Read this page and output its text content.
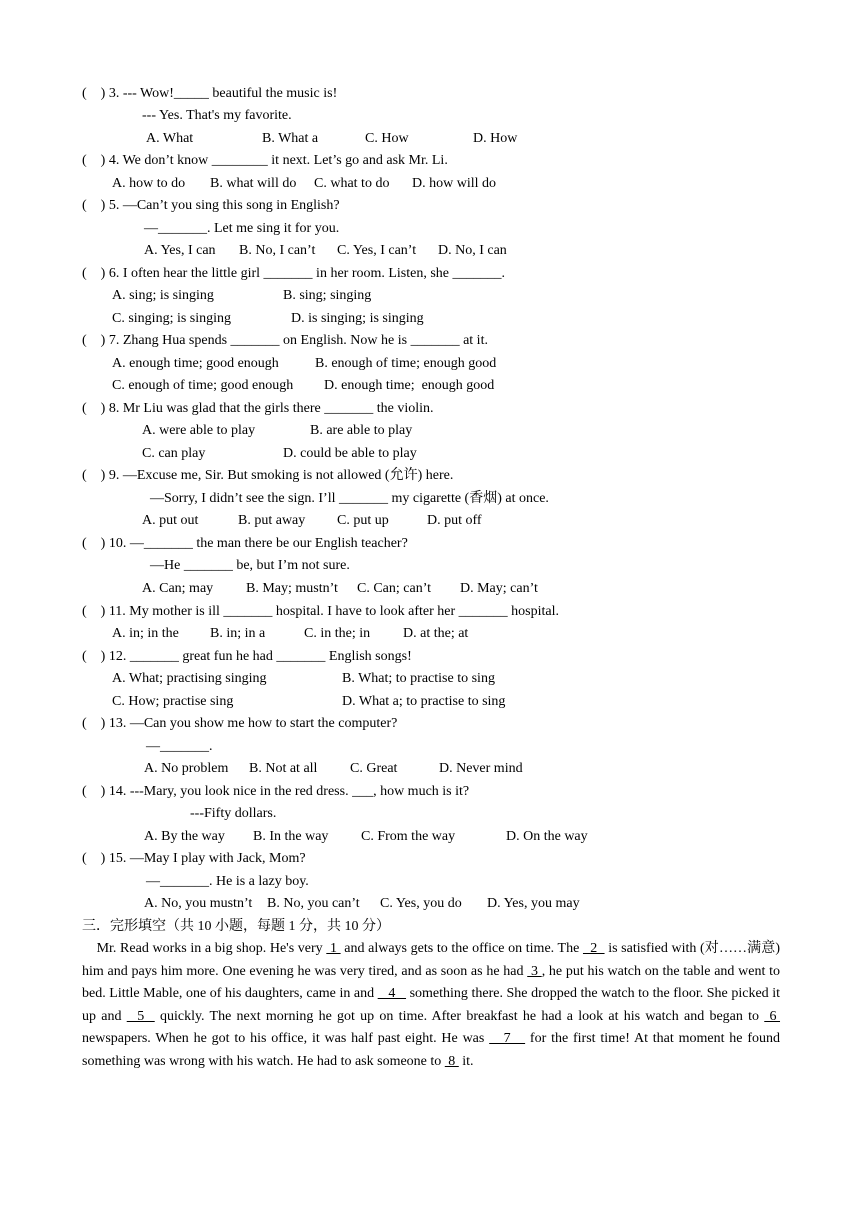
(    ) 3. --- Wow!_____ beautiful the music is!
--- Yes. That's my favorite.
A. What	B. What a	C. How	D. How
(    ) 4. We don’t know ________ it next. Let’s go and ask Mr. Li.
A. how to do B. what will do C. what to do D. how will do
(    ) 5. —Can’t you sing this song in English?
—_______. Let me sing it for you.
A. Yes, I can B. No, I can’t C. Yes, I can’t D. No, I can
(    ) 6. I often hear the little girl _______ in her room. Listen, she _______.
A. sing; is singing	B. sing; singing
C. singing; is singing	D. is singing; is singing
(    ) 7. Zhang Hua spends _______ on English. Now he is _______ at it.
A. enough time; good enough	B. enough of time; enough good
C. enough of time; good enough D. enough time;  enough good
(    ) 8. Mr Liu was glad that the girls there _______ the violin.
A. were able to play	B. are able to play
C. can play	D. could be able to play
(    ) 9. —Excuse me, Sir. But smoking is not allowed (允许) here.
—Sorry, I didn’t see the sign. I’ll _______ my cigarette (香烟) at once.
A. put out	B. put away C. put up	D. put off
(    ) 10. —_______ the man there be our English teacher?
—He _______ be, but I’m not sure.
A. Can; may B. May; mustn’t C. Can; can’t D. May; can’t
(    ) 11. My mother is ill _______ hospital. I have to look after her _______ hospital.
A. in; in the B. in; in a	C. in the; in D. at the; at
(    ) 12. _______ great fun he had _______ English songs!
A. What; practising singing	B. What; to practise to sing
C. How; practise sing	D. What a; to practise to sing
(    ) 13. —Can you show me how to start the computer?
—_______.
A. No problem B. Not at all C. Great	D. Never mind
(    ) 14. ---Mary, you look nice in the red dress. ___, how much is it?
---Fifty dollars.
A. By the way B. In the way C. From the way	D. On the way
(    ) 15. —May I play with Jack, Mom?
—_______. He is a lazy boy.
A. No, you mustn’t B. No, you can’t C. Yes, you do D. Yes, you may
三．完形填空（共 10 小题，每题 1 分，共 10 分）
Mr. Read works in a big shop. He's very  1  and always gets to the office on time. The   2   is satisfied with (对……满意) him and pays him more. One evening he was very tired, and as soon as he had  3 , he put his watch on the table and went to bed. Little Mable, one of his daughters, came in and    4    something there. She dropped the watch to the floor. She picked it up and   5   quickly. The next morning he got up on time. After breakfast he had a look at his watch and began to  6  newspapers. When he got to his office, it was half past eight. He was    7    for the first time! At that moment he found something was wrong with his watch. He had to ask someone to  8  it.
